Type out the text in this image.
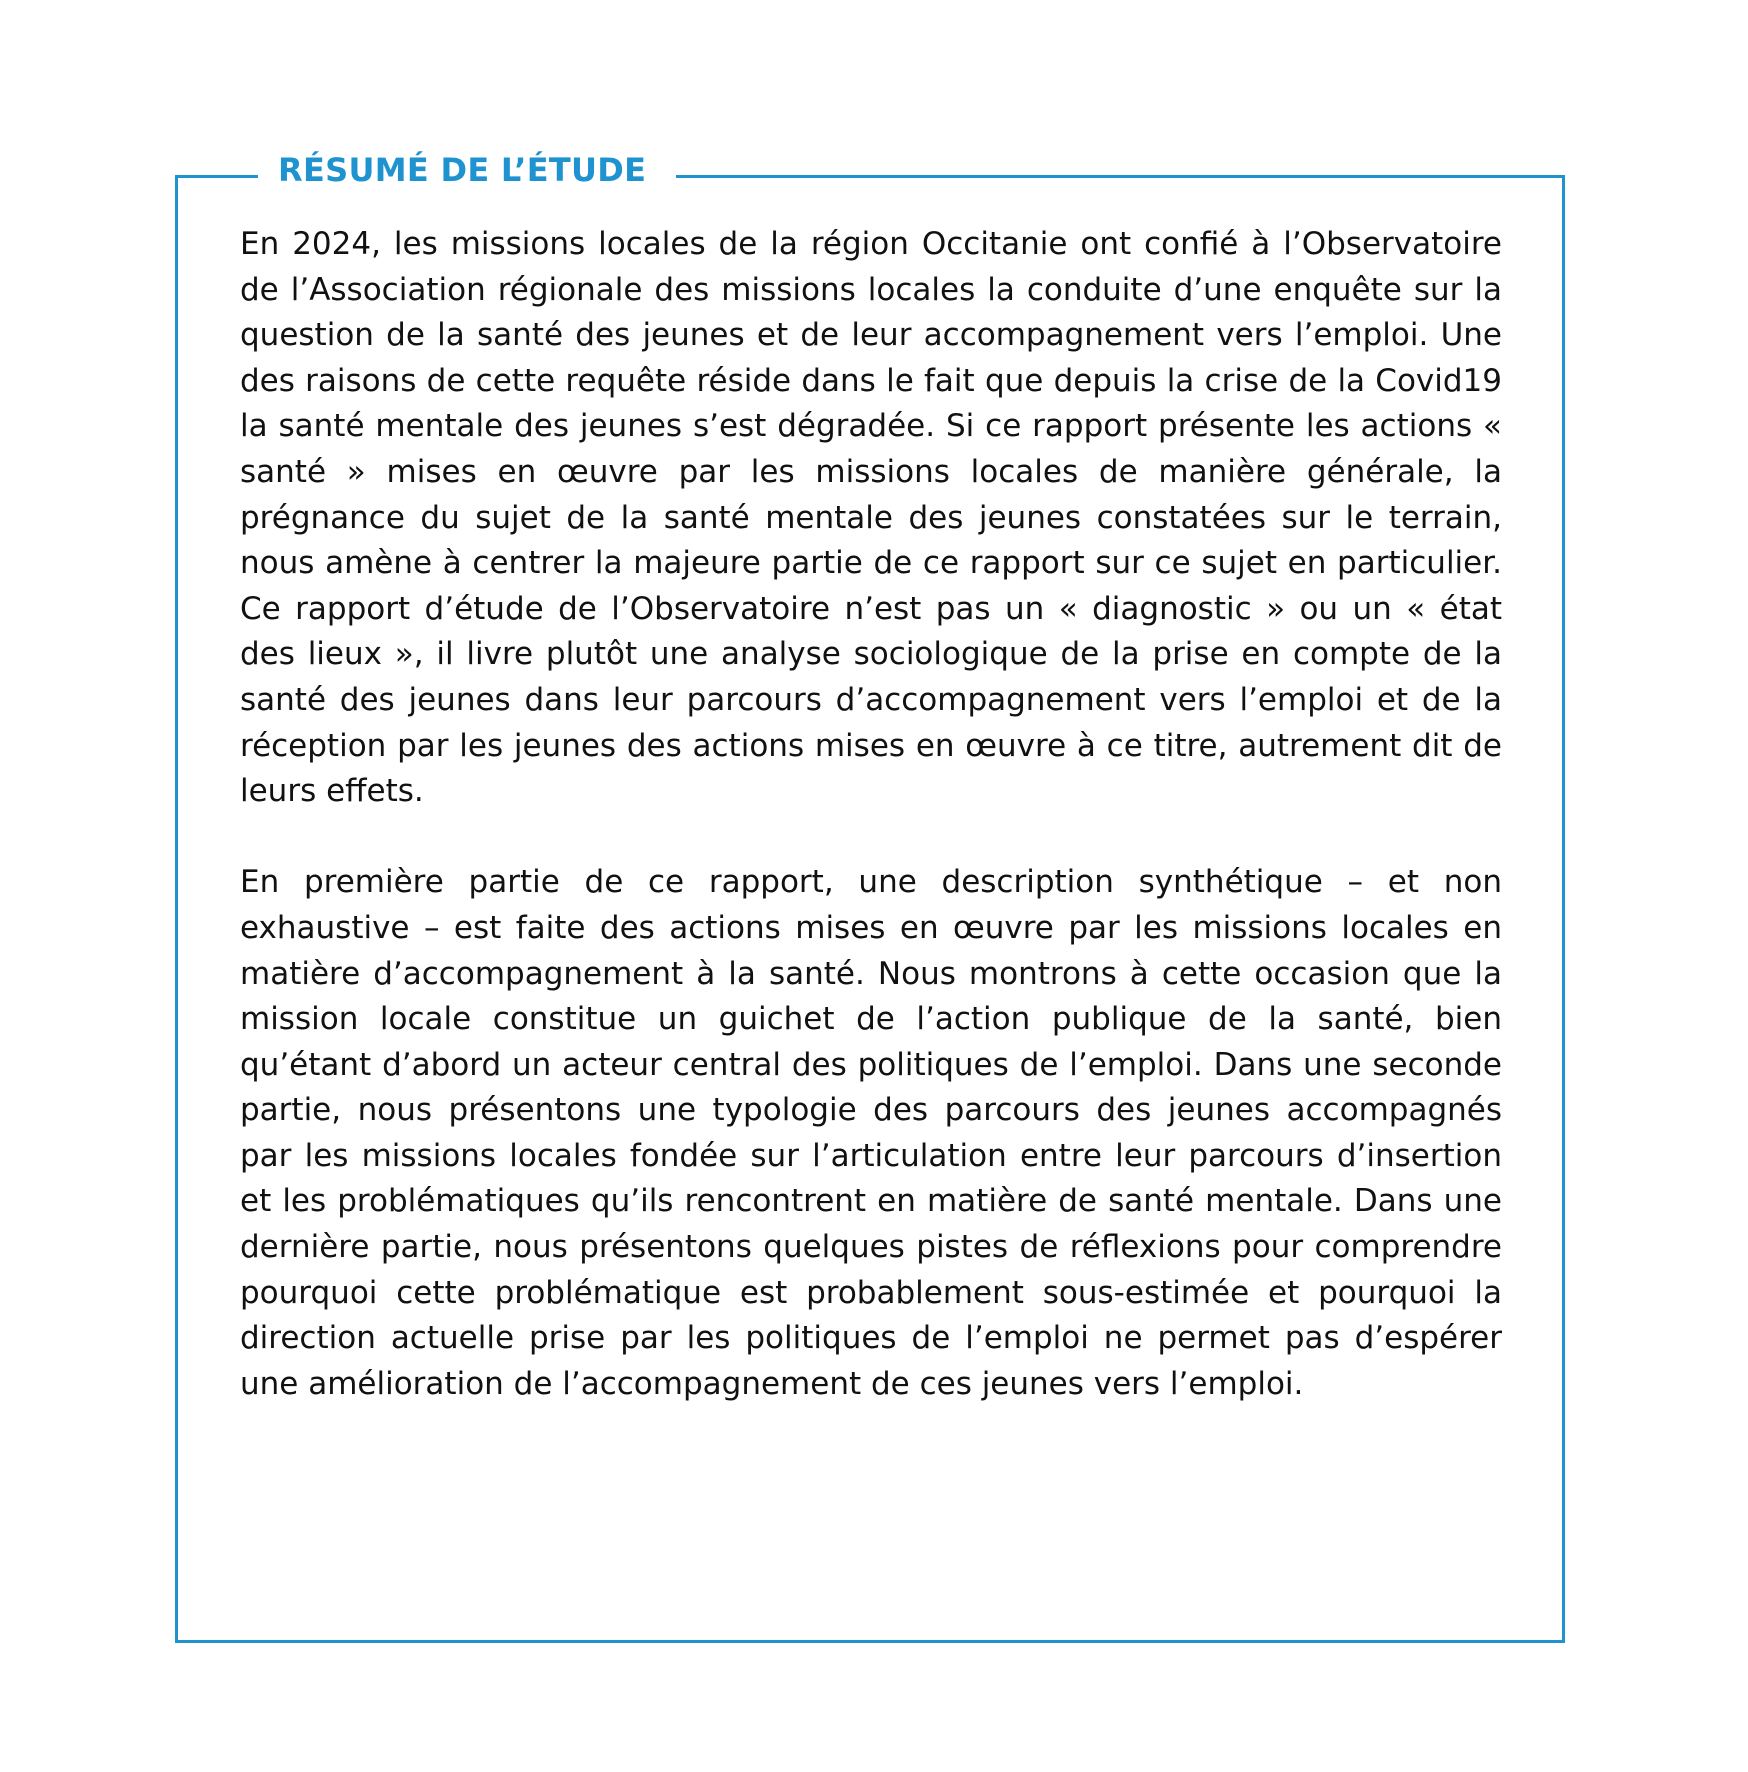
RÉSUMÉ DE L’ÉTUDE

En 2024, les missions locales de la région Occitanie ont confié à l’Observatoire de l’Association régionale des missions locales la conduite d’une enquête sur la question de la santé des jeunes et de leur accompagnement vers l’emploi. Une des raisons de cette requête réside dans le fait que depuis la crise de la Covid19 la santé mentale des jeunes s’est dégradée. Si ce rapport présente les actions « santé » mises en œuvre par les missions locales de manière générale, la prégnance du sujet de la santé mentale des jeunes constatées sur le terrain, nous amène à centrer la majeure partie de ce rapport sur ce sujet en particulier. Ce rapport d’étude de l’Observatoire n’est pas un « diagnostic » ou un « état des lieux », il livre plutôt une analyse sociologique de la prise en compte de la santé des jeunes dans leur parcours d’accompagnement vers l’emploi et de la réception par les jeunes des actions mises en œuvre à ce titre, autrement dit de leurs effets.

En première partie de ce rapport, une description synthétique – et non exhaustive – est faite des actions mises en œuvre par les missions locales en matière d’accompagnement à la santé. Nous montrons à cette occasion que la mission locale constitue un guichet de l’action publique de la santé, bien qu’étant d’abord un acteur central des politiques de l’emploi. Dans une seconde partie, nous présentons une typologie des parcours des jeunes accompagnés par les missions locales fondée sur l’articulation entre leur parcours d’insertion et les problématiques qu’ils rencontrent en matière de santé mentale. Dans une dernière partie, nous présentons quelques pistes de réflexions pour comprendre pourquoi cette problématique est probablement sous-estimée et pourquoi la direction actuelle prise par les politiques de l’emploi ne permet pas d’espérer une amélioration de l’accompagnement de ces jeunes vers l’emploi.
